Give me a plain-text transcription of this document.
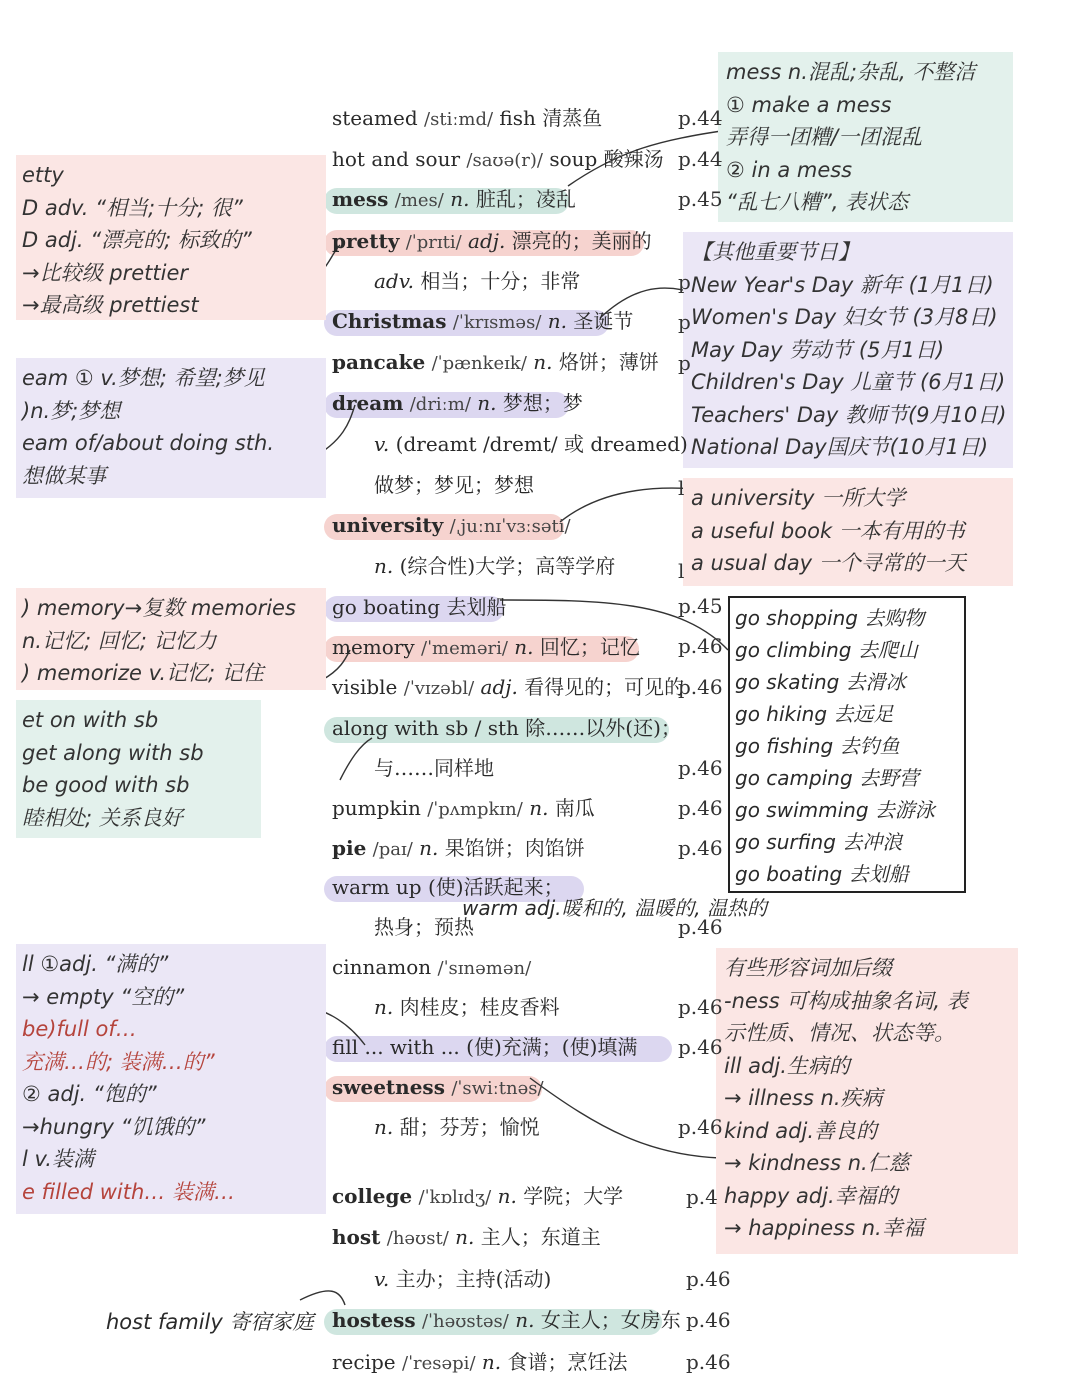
etty
D adv. “相当;十分; 很”
D adj. “漂亮的; 标致的”
→比较级 prettier
→最高级 prettiest
eam ① v.梦想; 希望;梦见
)n.梦;梦想
eam of/about doing sth.
想做某事
) memory→复数 memories
n.记忆; 回忆; 记忆力
) memorize v.记忆; 记住
et on with sb
get along with sb
be good with sb
睦相处; 关系良好
ll ①adj. “满的”
→ empty “空的”
be)full of…
充满…的; 装满…的”
② adj. “饱的”
→hungry “饥饿的”
l v.装满
e filled with… 装满…
mess n.混乱;杂乱, 不整洁
① make a mess
弄得一团糟/一团混乱
② in a mess
“乱七八糟”, 表状态
【其他重要节日】
New Year's Day 新年 (1月1日)
Women's Day 妇女节 (3月8日)
May Day 劳动节 (5月1日)
Children's Day 儿童节 (6月1日)
Teachers' Day 教师节(9月10日)
National Day国庆节(10月1日)
a university 一所大学
a useful book 一本有用的书
a usual day 一个寻常的一天
有些形容词加后缀
-ness 可构成抽象名词, 表
示性质、情况、状态等。
ill adj.生病的
→ illness n.疾病
kind adj.善良的
→ kindness n.仁慈
happy adj.幸福的
→ happiness n.幸福
go shopping 去购物
go climbing 去爬山
go skating 去滑冰
go hiking 去远足
go fishing 去钓鱼
go camping 去野营
go swimming 去游泳
go surfing 去冲浪
go boating 去划船
steamed /stiːmd/ fish 清蒸鱼
hot and sour /saʊə(r)/ soup 酸辣汤
mess /mes/ n. 脏乱；凌乱
pretty /ˈprɪti/ adj. 漂亮的；美丽的
adv. 相当；十分；非常
Christmas /ˈkrɪsməs/ n. 圣诞节
pancake /ˈpænkeɪk/ n. 烙饼；薄饼
dream /driːm/ n. 梦想；梦
v. (dreamt /dremt/ 或 dreamed)
做梦；梦见；梦想
university /ˌjuːnɪˈvɜːsəti/
n. (综合性)大学；高等学府
go boating 去划船
memory /ˈmeməri/ n. 回忆；记忆
visible /ˈvɪzəbl/ adj. 看得见的；可见的
along with sb / sth 除……以外(还)；
与……同样地
pumpkin /ˈpʌmpkɪn/ n. 南瓜
pie /paɪ/ n. 果馅饼；肉馅饼
warm up (使)活跃起来；
热身；预热
cinnamon /ˈsɪnəmən/
n. 肉桂皮；桂皮香料
fill ... with ... (使)充满；(使)填满
sweetness /ˈswiːtnəs/
n. 甜；芬芳；愉悦
college /ˈkɒlɪdʒ/ n. 学院；大学
host /həʊst/ n. 主人；东道主
v. 主办；主持(活动)
hostess /ˈhəʊstəs/ n. 女主人；女房东
recipe /ˈresəpi/ n. 食谱；烹饪法
p.44
p.44
p.45
p
p
p
l
l
p.45
p.46
p.46
p.46
p.46
p.46
p.46
p.46
p.46
p.4
p.46
p.46
p.46
p.46
warm adj.暖和的, 温暖的, 温热的
host family 寄宿家庭
